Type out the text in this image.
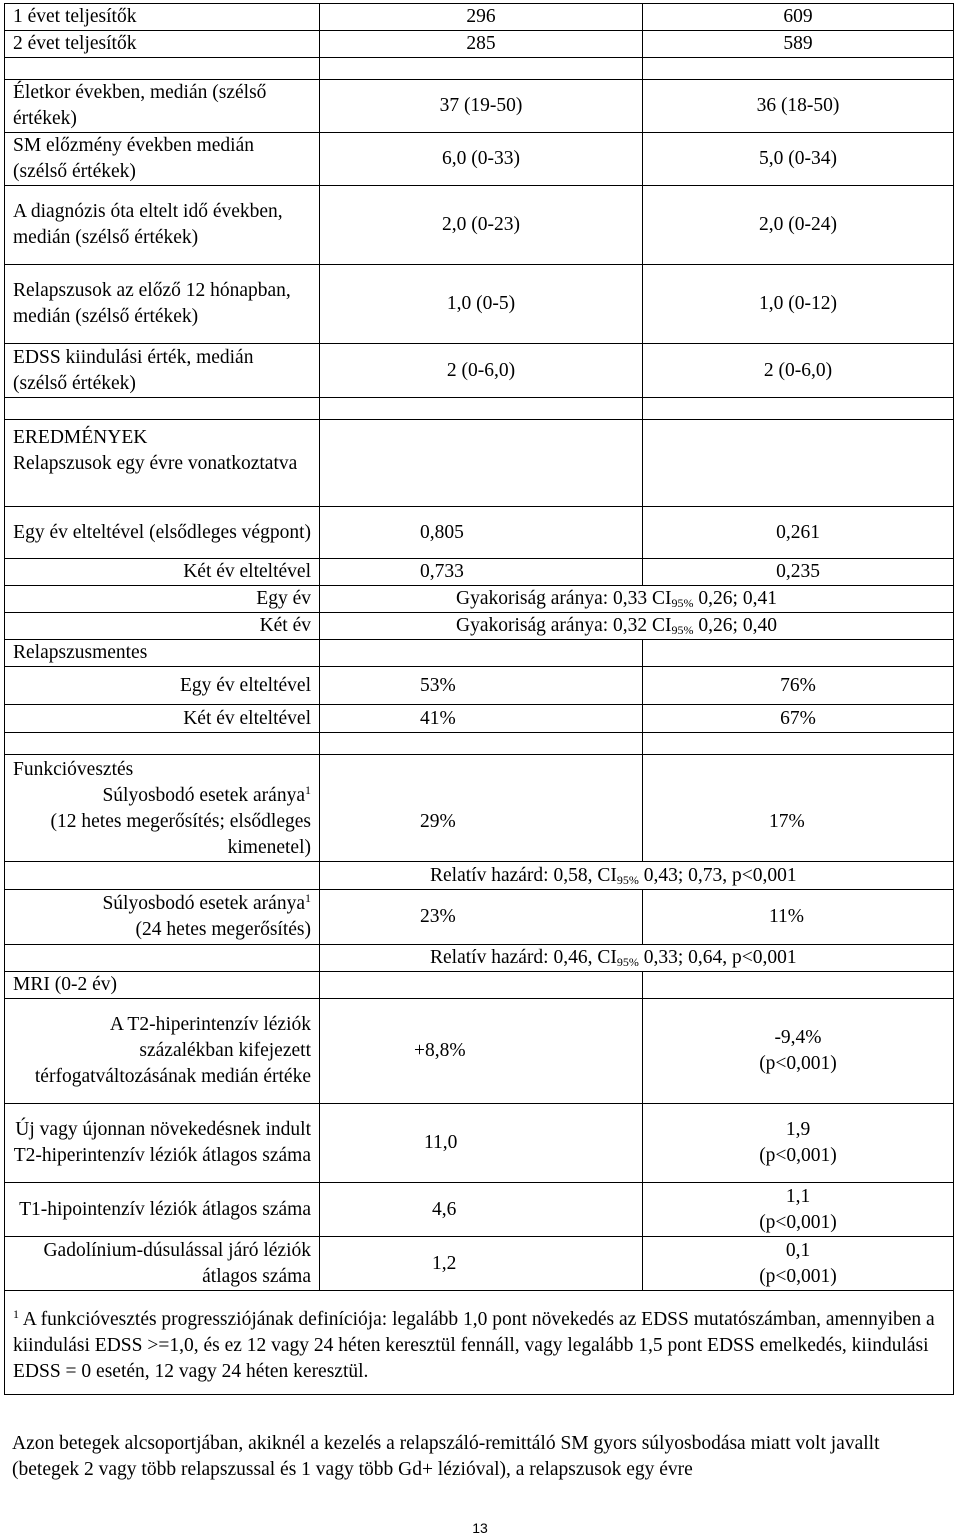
1 évet teljesítők	296	609
2 évet teljesítők	285	589

Életkor években, medián (szélső értékek)	37 (19-50)	36 (18-50)
SM előzmény években medián (szélső értékek)	6,0 (0-33)	5,0 (0-34)
A diagnózis óta eltelt idő években, medián (szélső értékek)	2,0 (0-23)	2,0 (0-24)
Relapszusok az előző 12 hónapban, medián (szélső értékek)	1,0 (0-5)	1,0 (0-12)
EDSS kiindulási érték, medián (szélső értékek)	2 (0-6,0)	2 (0-6,0)

EREDMÉNYEK
Relapszusok egy évre vonatkoztatva		

Egy év elteltével (elsődleges végpont)	0,805	0,261
Két év elteltével	0,733	0,235
Egy év	Gyakoriság aránya: 0,33 $CI_{95\%}$ 0,26; 0,41	
Két év	Gyakoriság aránya: 0,32 $CI_{95\%}$ 0,26; 0,40	
Relapszusmentes		
Egy év elteltével	53%	76%
Két év elteltével	41%	67%

Funkcióvesztés
Súlyosbodó esetek aránya$^1$
(12 hetes megerősítés; elsődleges kimenetel)	29%	17%
	Relatív hazárd: 0,58, $CI_{95\%}$ 0,43; 0,73, p<0,001	
Súlyosbodó esetek aránya$^1$
(24 hetes megerősítés)	23%	11%
	Relatív hazárd: 0,46, $CI_{95\%}$ 0,33; 0,64, p<0,001	
MRI (0-2 év)		
A T2-hiperintenzív léziók százalékban kifejezett térfogatváltozásának medián értéke	+8,8%	-9,4%
(p<0,001)

Új vagy újonnan növekedésnek indult T2-hiperintenzív léziók átlagos száma	11,0	1,9
(p<0,001)

T1-hipointenzív léziók átlagos száma	4,6	1,1
(p<0,001)

Gadolínium-dúsulással járó léziók átlagos száma	1,2	0,1
(p<0,001)

$^1$ A funkcióvesztés progressziójának definíciója: legalább 1,0 pont növekedés az EDSS mutatószámban, amennyiben a kiindulási EDSS >=1,0, és ez 12 vagy 24 héten keresztül fennáll, vagy legalább 1,5 pont EDSS emelkedés, kiindulási EDSS = 0 esetén, 12 vagy 24 héten keresztül.		
Azon betegek alcsoportjában, akiknél a kezelés a relapszáló-remittáló SM gyors súlyosbodása miatt volt javallt (betegek 2 vagy több relapszussal és 1 vagy több Gd+ lézióval), a relapszusok egy évre
13
